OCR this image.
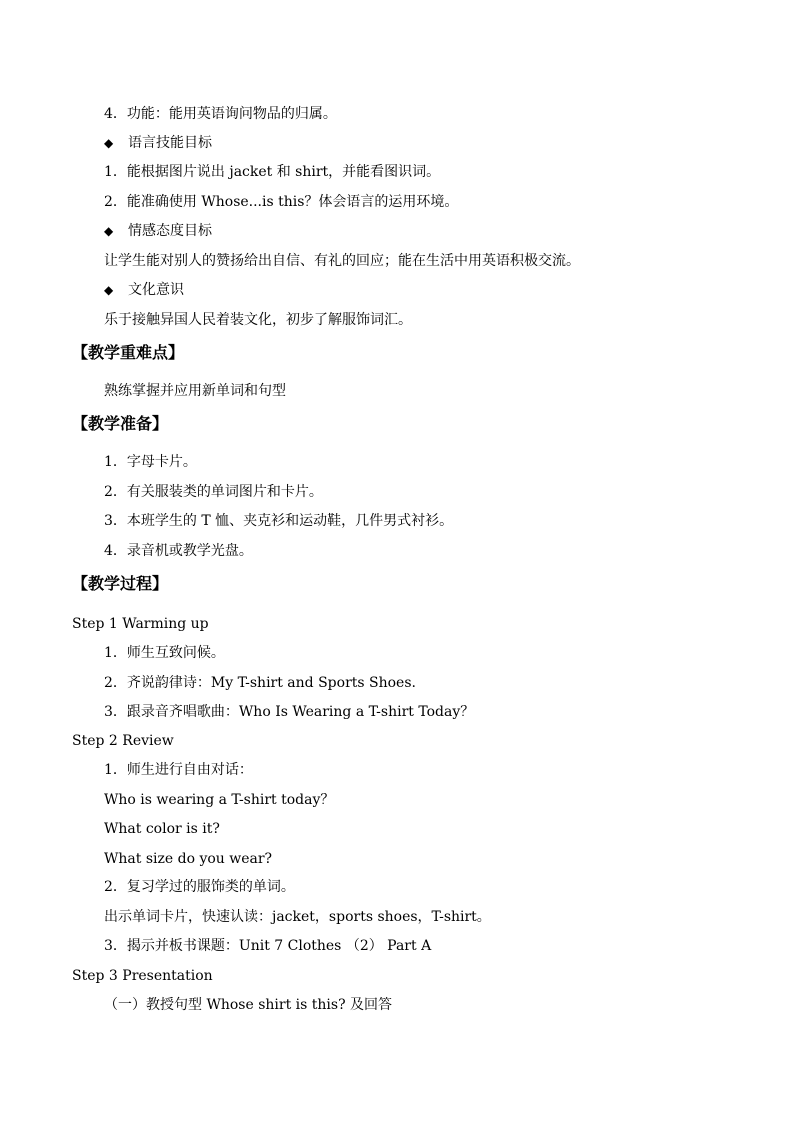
4．功能：能用英语询问物品的归属。
◆ 语言技能目标
1．能根据图片说出 jacket 和 shirt，并能看图识词。
2．能准确使用 Whose...is this？体会语言的运用环境。
◆ 情感态度目标
让学生能对别人的赞扬给出自信、有礼的回应；能在生活中用英语积极交流。
◆ 文化意识
乐于接触异国人民着装文化，初步了解服饰词汇。
【教学重难点】
熟练掌握并应用新单词和句型
【教学准备】
1．字母卡片。
2．有关服装类的单词图片和卡片。
3．本班学生的 T 恤、夹克衫和运动鞋，几件男式衬衫。
4．录音机或教学光盘。
【教学过程】
Step 1 Warming up
1．师生互致问候。
2．齐说韵律诗：My T-shirt and Sports Shoes.
3．跟录音齐唱歌曲：Who Is Wearing a T-shirt Today？
Step 2 Review
1．师生进行自由对话：
Who is wearing a T-shirt today？
What color is it?
What size do you wear?
2．复习学过的服饰类的单词。
出示单词卡片，快速认读：jacket，sports shoes，T-shirt。
3．揭示并板书课题：Unit 7 Clothes （2） Part A
Step 3 Presentation
（一）教授句型 Whose shirt is this? 及回答
